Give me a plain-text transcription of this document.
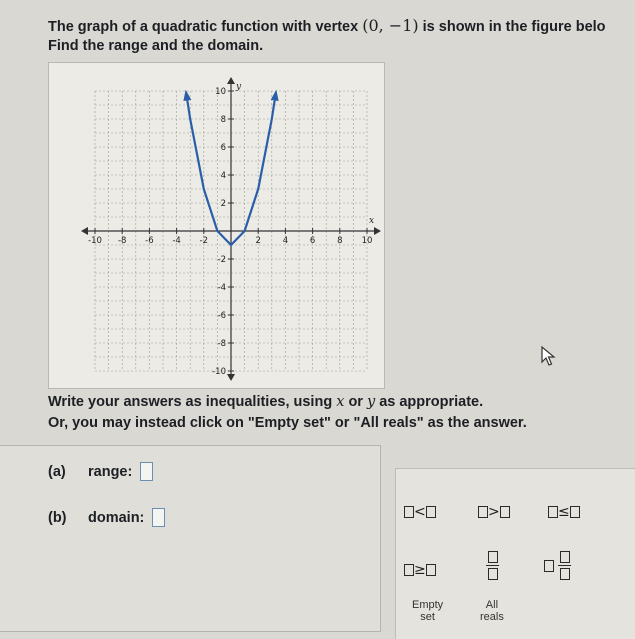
The graph of a quadratic function with vertex (0, −1) is shown in the figure belo
Find the range and the domain.
-10 -8 -6 -4 -2	2	4	6	8 10
-10
-8
-6
-4
-2
2
4
6
8
10
x
y
Write your answers as inequalities, using x or y as appropriate.
Or, you may instead click on "Empty set" or "All reals" as the answer.
(a)	range:
(b)	domain:	<	>	≤
≥

Empty
set
All
reals
